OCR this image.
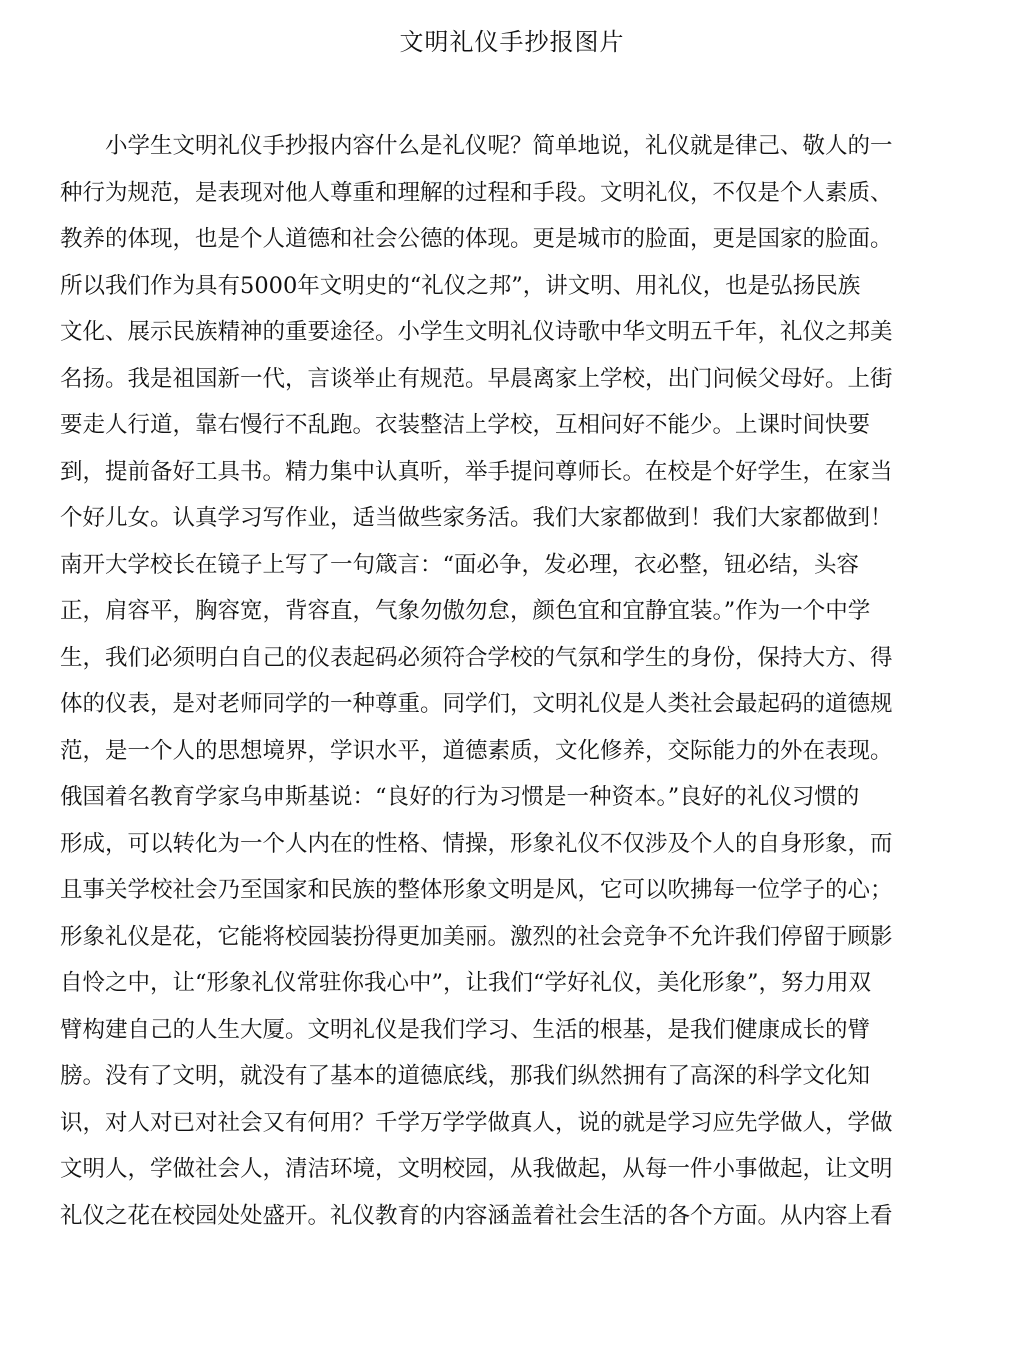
文明礼仪手抄报图片
　　小学生文明礼仪手抄报内容什么是礼仪呢？简单地说，礼仪就是律己、敬人的一
种行为规范，是表现对他人尊重和理解的过程和手段。文明礼仪，不仅是个人素质、
教养的体现，也是个人道德和社会公德的体现。更是城市的脸面，更是国家的脸面。
所以我们作为具有5000年文明史的“礼仪之邦”，讲文明、用礼仪，也是弘扬民族
文化、展示民族精神的重要途径。小学生文明礼仪诗歌中华文明五千年，礼仪之邦美
名扬。我是祖国新一代，言谈举止有规范。早晨离家上学校，出门问候父母好。上街
要走人行道，靠右慢行不乱跑。衣装整洁上学校，互相问好不能少。上课时间快要
到，提前备好工具书。精力集中认真听，举手提问尊师长。在校是个好学生，在家当
个好儿女。认真学习写作业，适当做些家务活。我们大家都做到！我们大家都做到！
南开大学校长在镜子上写了一句箴言：“面必争，发必理，衣必整，钮必结，头容
正，肩容平，胸容宽，背容直，气象勿傲勿怠，颜色宜和宜静宜装。”作为一个中学
生，我们必须明白自己的仪表起码必须符合学校的气氛和学生的身份，保持大方、得
体的仪表，是对老师同学的一种尊重。同学们，文明礼仪是人类社会最起码的道德规
范，是一个人的思想境界，学识水平，道德素质，文化修养，交际能力的外在表现。
俄国着名教育学家乌申斯基说：“良好的行为习惯是一种资本。”良好的礼仪习惯的
形成，可以转化为一个人内在的性格、情操，形象礼仪不仅涉及个人的自身形象，而
且事关学校社会乃至国家和民族的整体形象文明是风，它可以吹拂每一位学子的心；
形象礼仪是花，它能将校园装扮得更加美丽。激烈的社会竞争不允许我们停留于顾影
自怜之中，让“形象礼仪常驻你我心中”，让我们“学好礼仪，美化形象”，努力用双
臂构建自己的人生大厦。文明礼仪是我们学习、生活的根基，是我们健康成长的臂
膀。没有了文明，就没有了基本的道德底线，那我们纵然拥有了高深的科学文化知
识，对人对已对社会又有何用？千学万学学做真人，说的就是学习应先学做人，学做
文明人，学做社会人，清洁环境，文明校园，从我做起，从每一件小事做起，让文明
礼仪之花在校园处处盛开。礼仪教育的内容涵盖着社会生活的各个方面。从内容上看
